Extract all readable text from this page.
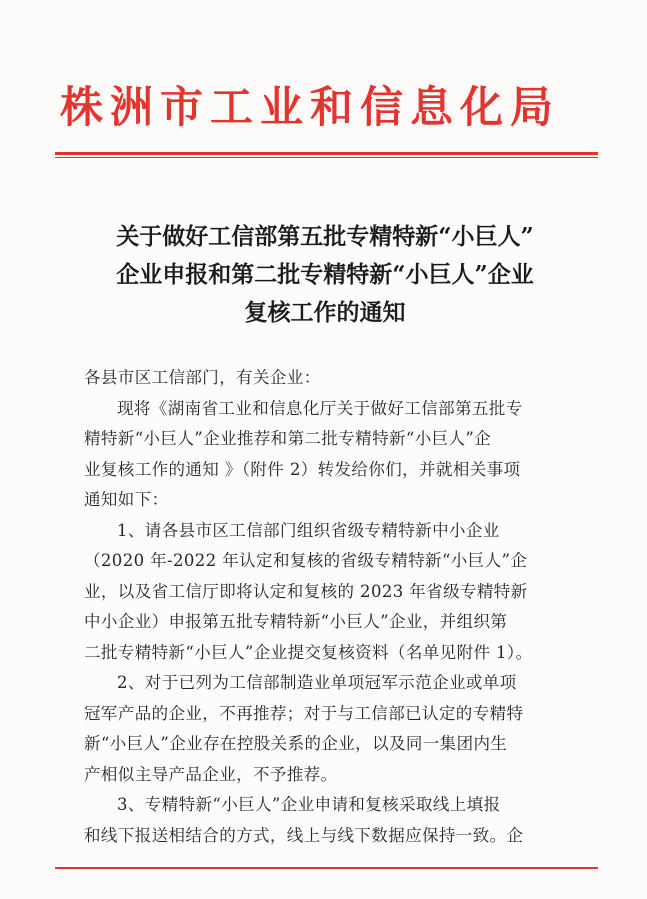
株洲市工业和信息化局
关于做好工信部第五批专精特新“小巨人”
企业申报和第二批专精特新“小巨人”企业
复核工作的通知
各县市区工信部门，有关企业：
现将《湖南省工业和信息化厅关于做好工信部第五批专
精特新“小巨人”企业推荐和第二批专精特新“小巨人”企
业复核工作的通知 》（附件 2）转发给你们，并就相关事项
通知如下：
1、请各县市区工信部门组织省级专精特新中小企业
（2020 年-2022 年认定和复核的省级专精特新“小巨人”企
业，以及省工信厅即将认定和复核的 2023 年省级专精特新
中小企业）申报第五批专精特新“小巨人”企业，并组织第
二批专精特新“小巨人”企业提交复核资料（名单见附件 1）。
2、对于已列为工信部制造业单项冠军示范企业或单项
冠军产品的企业，不再推荐；对于与工信部已认定的专精特
新“小巨人”企业存在控股关系的企业，以及同一集团内生
产相似主导产品企业，不予推荐。
3、专精特新“小巨人”企业申请和复核采取线上填报
和线下报送相结合的方式，线上与线下数据应保持一致。企
